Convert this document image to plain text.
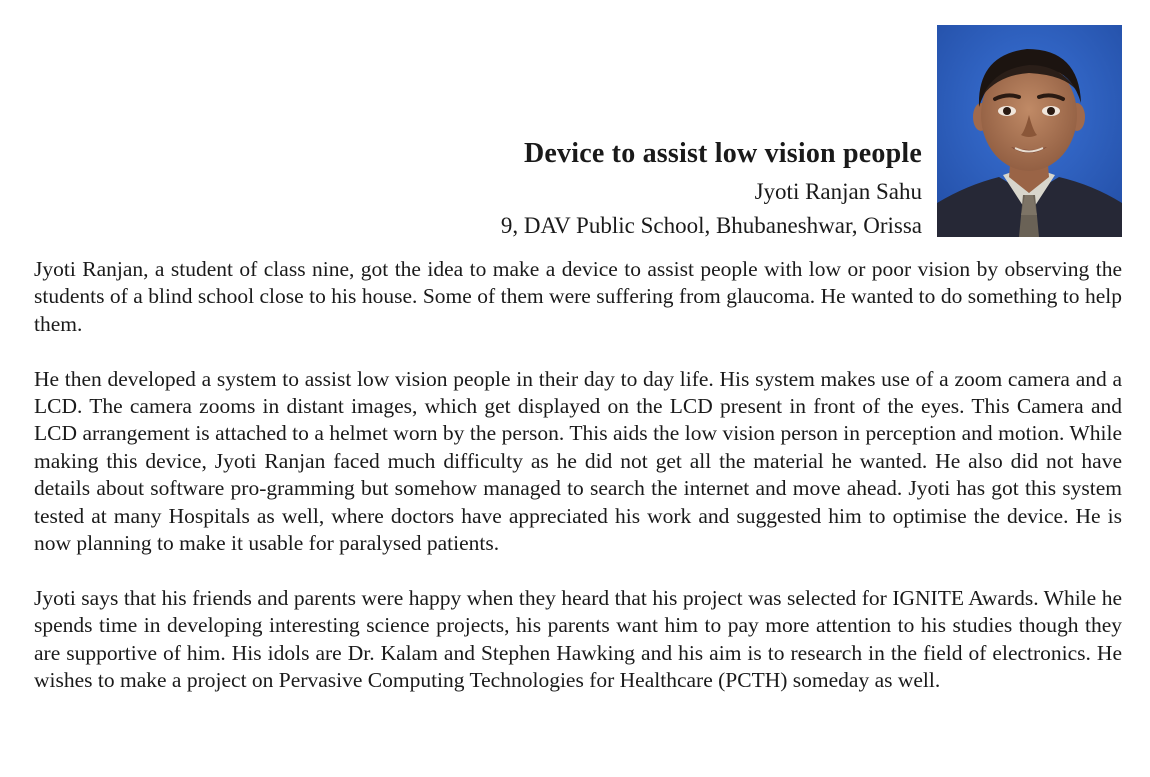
Device to assist low vision people
Jyoti Ranjan Sahu
9, DAV Public School, Bhubaneshwar, Orissa

Jyoti Ranjan, a student of class nine, got the idea to make a device to assist people with low or poor vision by observing the students of a blind school close to his house. Some of them were suffering from glaucoma. He wanted to do something to help them.

He then developed a system to assist low vision people in their day to day life. His system makes use of a zoom camera and a LCD. The camera zooms in distant images, which get displayed on the LCD present in front of the eyes. This Camera and LCD arrangement is attached to a helmet worn by the person. This aids the low vision person in perception and motion. While making this device, Jyoti Ranjan faced much difficulty as he did not get all the material he wanted. He also did not have details about software pro-gramming but somehow managed to search the internet and move ahead. Jyoti has got this system tested at many Hospitals as well, where doctors have appreciated his work and suggested him to optimise the device. He is now planning to make it usable for paralysed patients.

Jyoti says that his friends and parents were happy when they heard that his project was selected for IGNITE Awards. While he spends time in developing interesting science projects, his parents want him to pay more attention to his studies though they are supportive of him. His idols are Dr. Kalam and Stephen Hawking and his aim is to research in the field of electronics. He wishes to make a project on Pervasive Computing Technologies for Healthcare (PCTH) someday as well.
